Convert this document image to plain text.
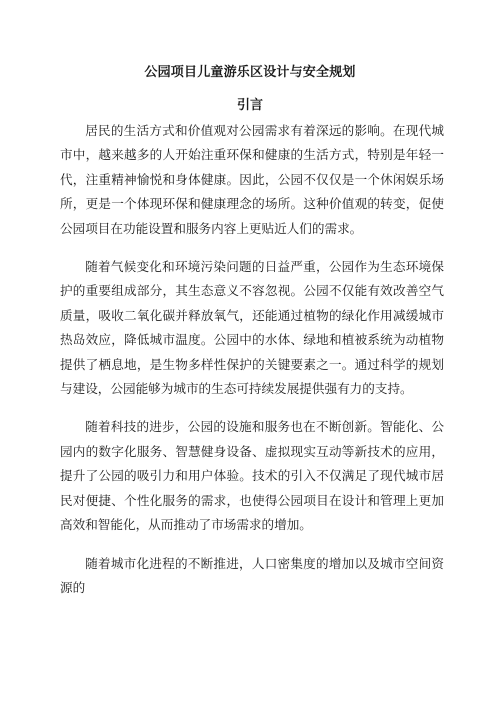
公园项目儿童游乐区设计与安全规划
引言

居民的生活方式和价值观对公园需求有着深远的影响。在现代城市中，越来越多的人开始注重环保和健康的生活方式，特别是年轻一代，注重精神愉悦和身体健康。因此，公园不仅仅是一个休闲娱乐场所，更是一个体现环保和健康理念的场所。这种价值观的转变，促使公园项目在功能设置和服务内容上更贴近人们的需求。

随着气候变化和环境污染问题的日益严重，公园作为生态环境保护的重要组成部分，其生态意义不容忽视。公园不仅能有效改善空气质量，吸收二氧化碳并释放氧气，还能通过植物的绿化作用减缓城市热岛效应，降低城市温度。公园中的水体、绿地和植被系统为动植物提供了栖息地，是生物多样性保护的关键要素之一。通过科学的规划与建设，公园能够为城市的生态可持续发展提供强有力的支持。

随着科技的进步，公园的设施和服务也在不断创新。智能化、公园内的数字化服务、智慧健身设备、虚拟现实互动等新技术的应用，提升了公园的吸引力和用户体验。技术的引入不仅满足了现代城市居民对便捷、个性化服务的需求，也使得公园项目在设计和管理上更加高效和智能化，从而推动了市场需求的增加。

随着城市化进程的不断推进，人口密集度的增加以及城市空间资源的
